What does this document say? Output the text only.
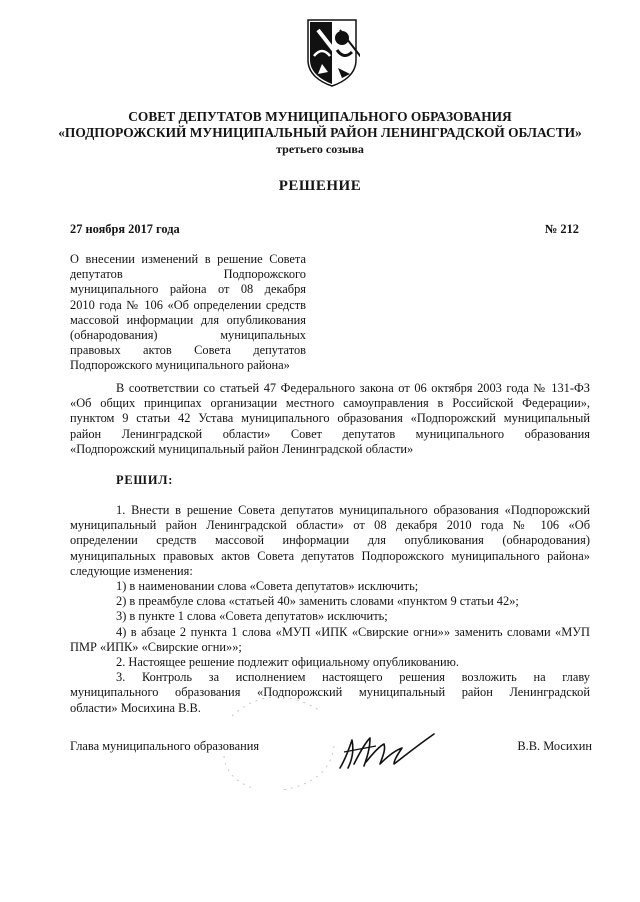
СОВЕТ ДЕПУТАТОВ МУНИЦИПАЛЬНОГО ОБРАЗОВАНИЯ
«ПОДПОРОЖСКИЙ МУНИЦИПАЛЬНЫЙ РАЙОН ЛЕНИНГРАДСКОЙ ОБЛАСТИ»
третьего созыва
РЕШЕНИЕ
27 ноября 2017 года	№ 212
О внесении изменений в решение Совета
депутатов Подпорожского
муниципального района от 08 декабря
2010 года № 106 «Об определении средств
массовой информации для опубликования
(обнародования) муниципальных
правовых актов Совета депутатов
Подпорожского муниципального района»
В соответствии со статьей 47 Федерального закона от 06 октября 2003 года № 131-ФЗ
«Об общих принципах организации местного самоуправления в Российской Федерации»,
пунктом 9 статьи 42 Устава муниципального образования «Подпорожский муниципальный
район Ленинградской области» Совет депутатов муниципального образования
«Подпорожский муниципальный район Ленинградской области»
РЕШИЛ:
1. Внести в решение Совета депутатов муниципального образования «Подпорожский
муниципальный район Ленинградской области» от 08 декабря 2010 года № 106 «Об
определении средств массовой информации для опубликования (обнародования)
муниципальных правовых актов Совета депутатов Подпорожского муниципального района»
следующие изменения:
1) в наименовании слова «Совета депутатов» исключить;
2) в преамбуле слова «статьей 40» заменить словами «пунктом 9 статьи 42»;
3) в пункте 1 слова «Совета депутатов» исключить;
4) в абзаце 2 пункта 1 слова «МУП «ИПК «Свирские огни»» заменить словами «МУП
ПМР «ИПК» «Свирские огни»»;
2. Настоящее решение подлежит официальному опубликованию.
3. Контроль за исполнением настоящего решения возложить на главу
муниципального образования «Подпорожский муниципальный район Ленинградской
области» Мосихина В.В.
Глава муниципального образования	В.В. Мосихин
